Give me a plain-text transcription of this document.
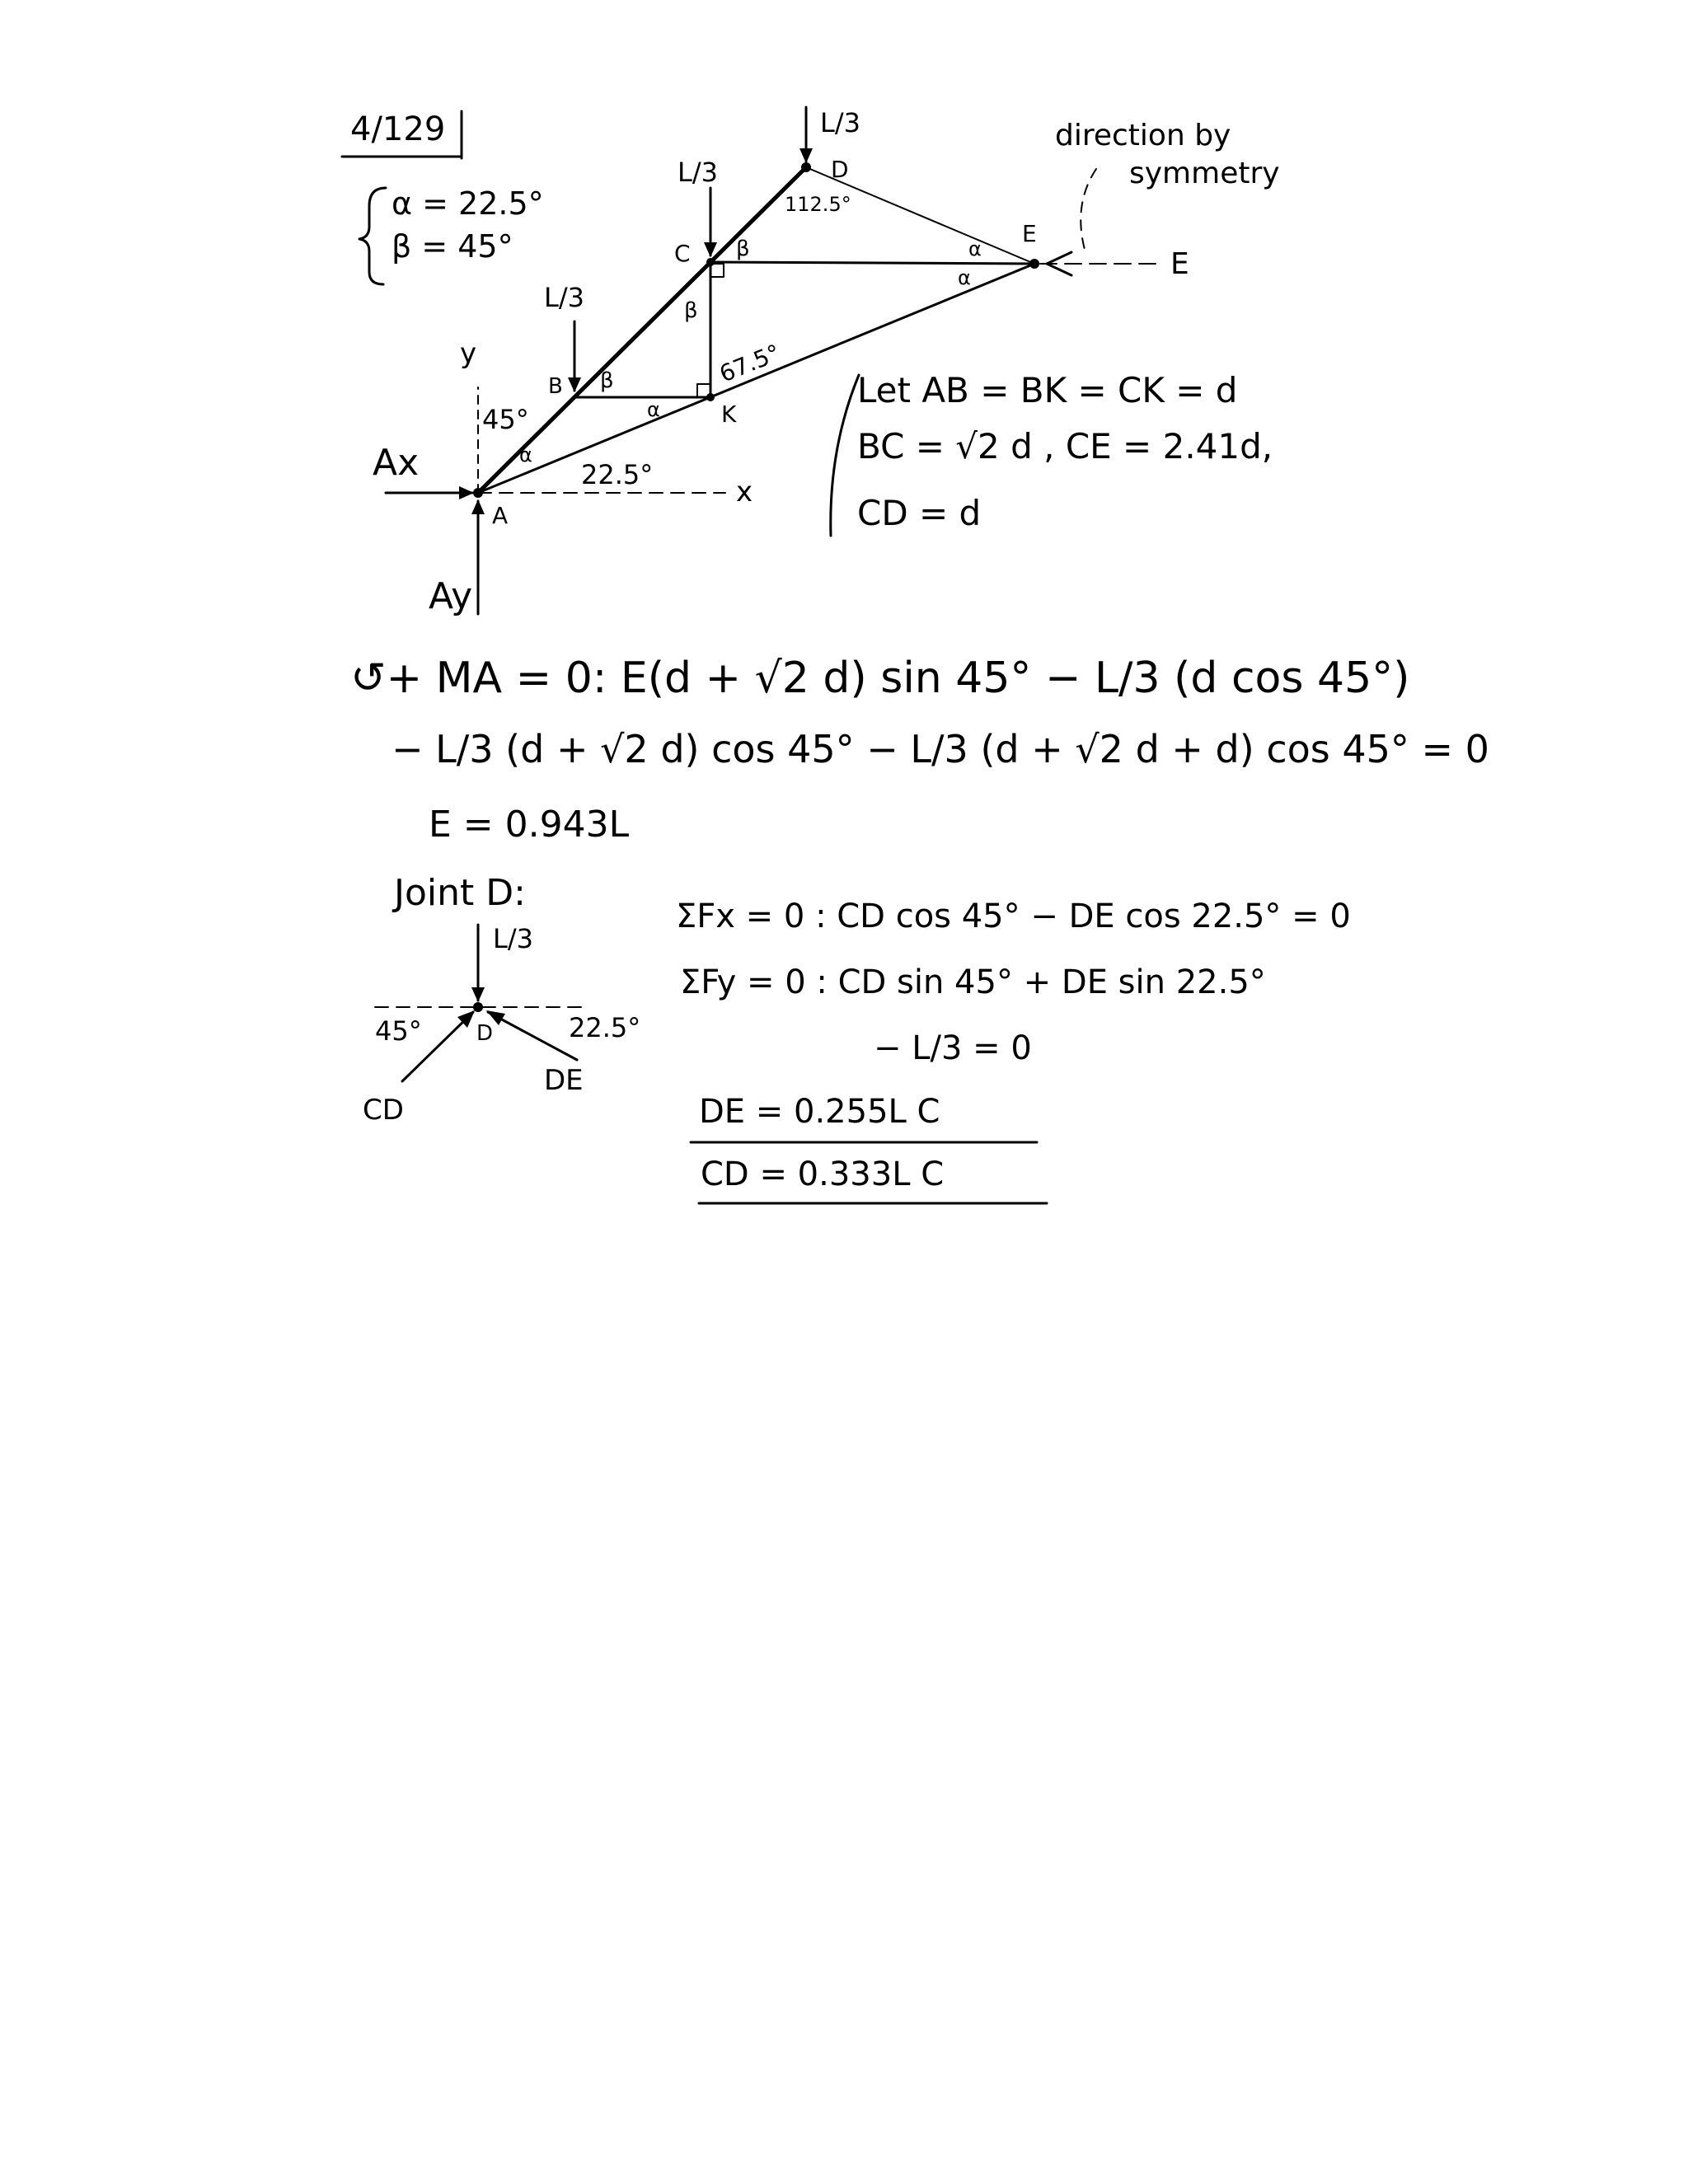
4/129
α = 22.5°
β = 45°
y
x
L/3
L/3
L/3
E
direction by
symmetry
Ax
Ay
A
B
C
D
E
K
45°
22.5°
112.5°
67.5°
α
α
α
α
β
β
β
Let AB = BK = CK = d
BC = √2 d , CE = 2.41d,
CD = d
↺+ MA = 0: E(d + √2 d) sin 45° − L/3 (d cos 45°)
− L/3 (d + √2 d) cos 45° − L/3 (d + √2 d + d) cos 45° = 0
E = 0.943L
Joint D:
L/3
45°	22.5°
D
CD
DE
ΣFx = 0 : CD cos 45° − DE cos 22.5° = 0
ΣFy = 0 : CD sin 45° + DE sin 22.5°
− L/3 = 0
DE = 0.255L C
CD = 0.333L C
